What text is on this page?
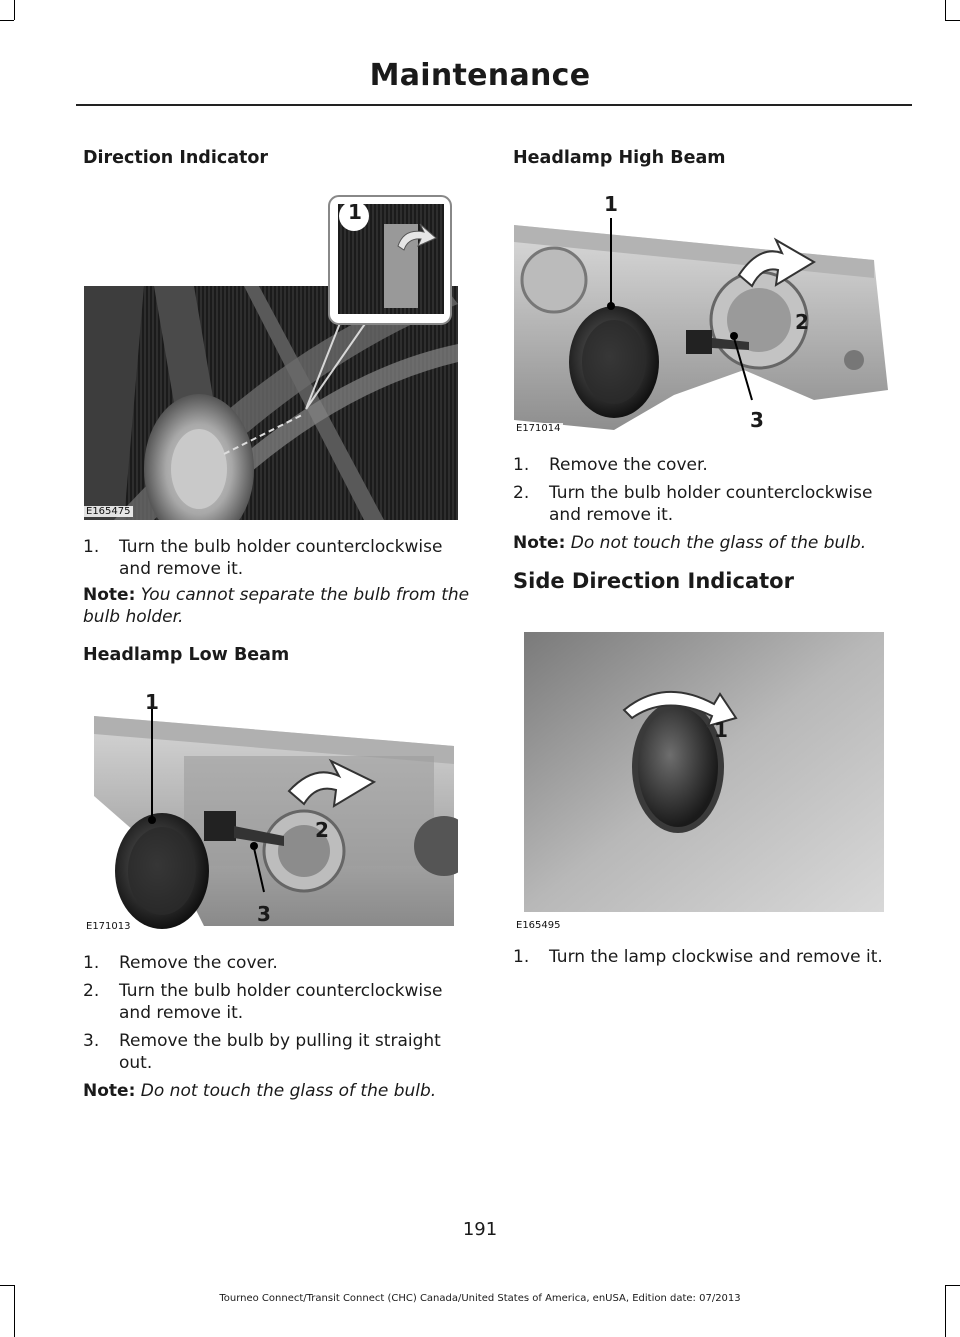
Maintenance
Direction Indicator
1
E165475
1.	Turn the bulb holder counterclockwise and remove it.
Note: You cannot separate the bulb from the bulb holder.
Headlamp Low Beam
1
2
3
E171013
1.	Remove the cover.
2.	Turn the bulb holder counterclockwise and remove it.
3.	Remove the bulb by pulling it straight out.
Note: Do not touch the glass of the bulb.
Headlamp High Beam
1
2
3
E171014
1.	Remove the cover.
2.	Turn the bulb holder counterclockwise and remove it.
Note: Do not touch the glass of the bulb.
Side Direction Indicator
1
E165495
1.	Turn the lamp clockwise and remove it.
191
Tourneo Connect/Transit Connect (CHC) Canada/United States of America, enUSA, Edition date: 07/2013
